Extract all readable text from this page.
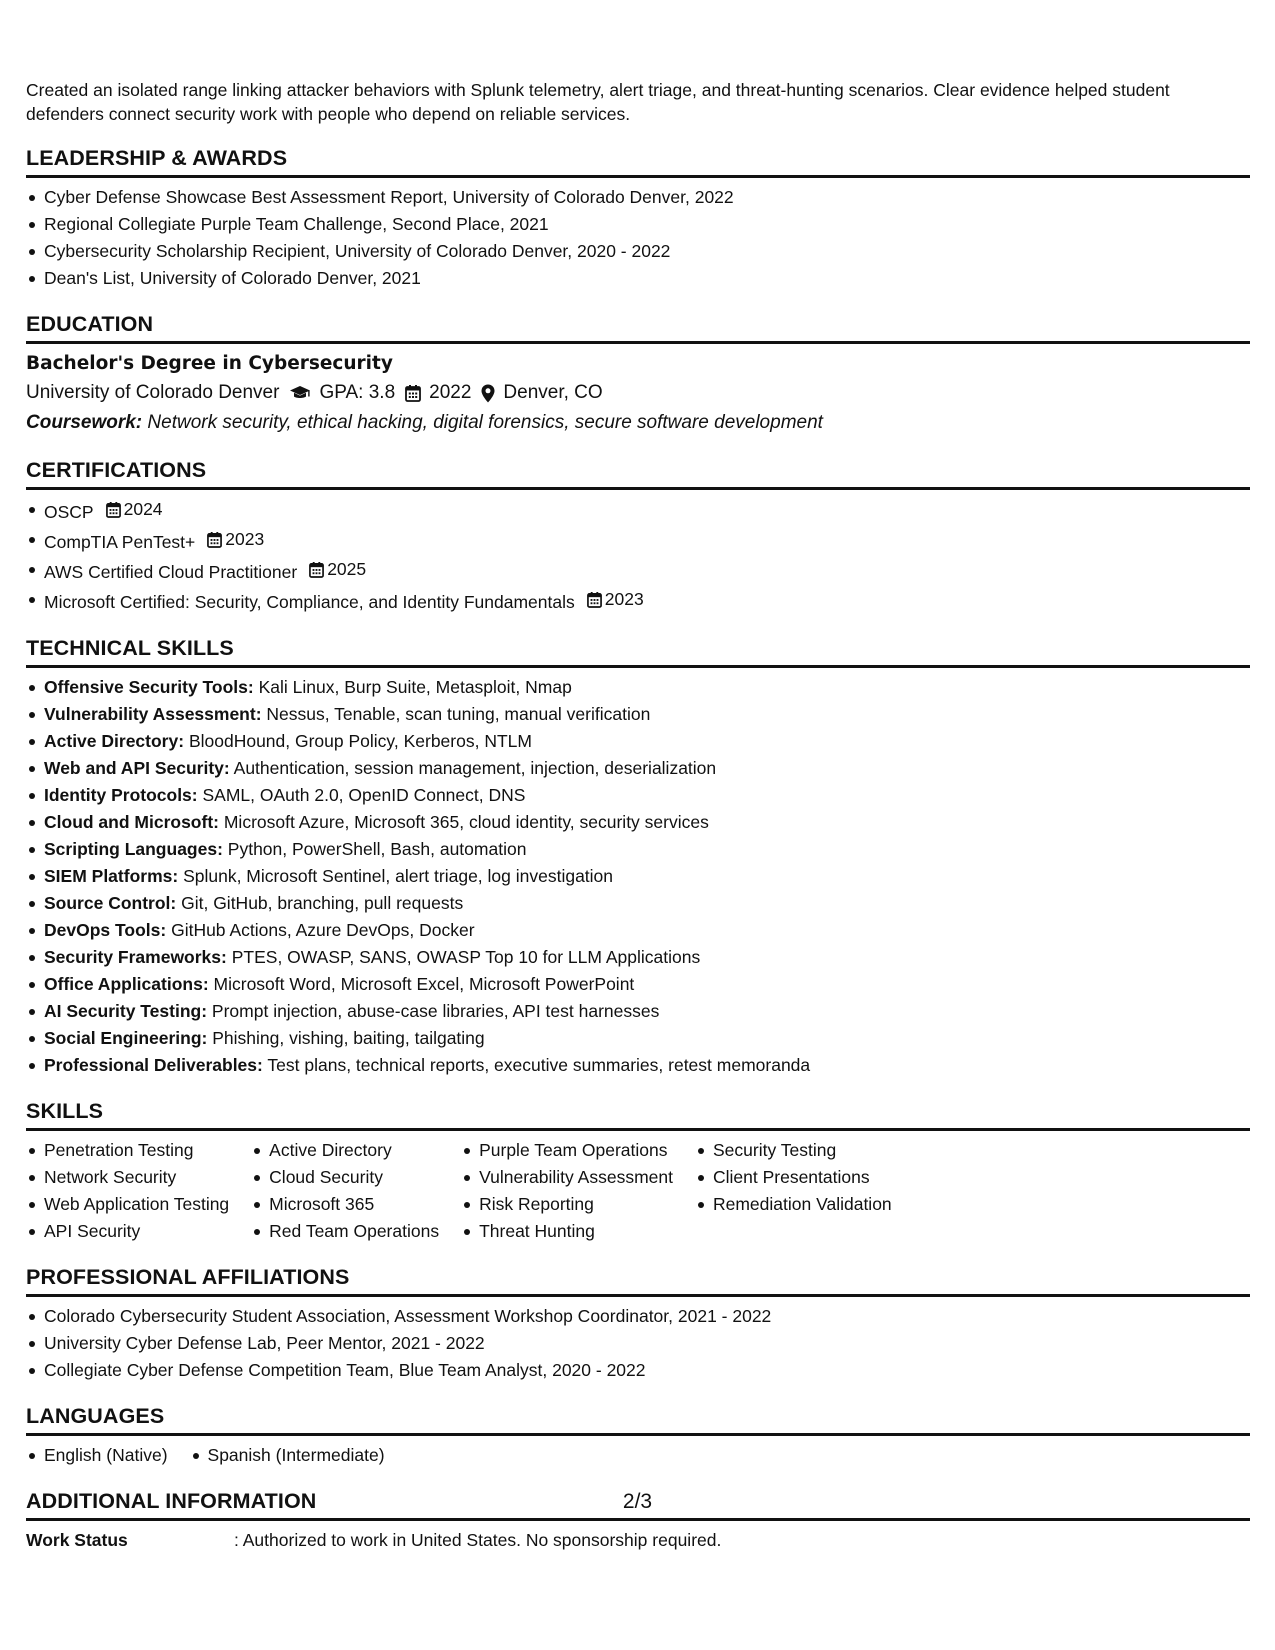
Created an isolated range linking attacker behaviors with Splunk telemetry, alert triage, and threat-hunting scenarios. Clear evidence helped student defenders connect security work with people who depend on reliable services.

LEADERSHIP & AWARDS
Cyber Defense Showcase Best Assessment Report, University of Colorado Denver, 2022
Regional Collegiate Purple Team Challenge, Second Place, 2021
Cybersecurity Scholarship Recipient, University of Colorado Denver, 2020 - 2022
Dean's List, University of Colorado Denver, 2021
EDUCATION
Bachelor's Degree in Cybersecurity
University of Colorado Denver GPA: 3.8 2022 Denver, CO
Coursework: Network security, ethical hacking, digital forensics, secure software development
CERTIFICATIONS
OSCP 2024
CompTIA PenTest+ 2023
AWS Certified Cloud Practitioner 2025
Microsoft Certified: Security, Compliance, and Identity Fundamentals 2023
TECHNICAL SKILLS
Offensive Security Tools: Kali Linux, Burp Suite, Metasploit, Nmap
Vulnerability Assessment: Nessus, Tenable, scan tuning, manual verification
Active Directory: BloodHound, Group Policy, Kerberos, NTLM
Web and API Security: Authentication, session management, injection, deserialization
Identity Protocols: SAML, OAuth 2.0, OpenID Connect, DNS
Cloud and Microsoft: Microsoft Azure, Microsoft 365, cloud identity, security services
Scripting Languages: Python, PowerShell, Bash, automation
SIEM Platforms: Splunk, Microsoft Sentinel, alert triage, log investigation
Source Control: Git, GitHub, branching, pull requests
DevOps Tools: GitHub Actions, Azure DevOps, Docker
Security Frameworks: PTES, OWASP, SANS, OWASP Top 10 for LLM Applications
Office Applications: Microsoft Word, Microsoft Excel, Microsoft PowerPoint
AI Security Testing: Prompt injection, abuse-case libraries, API test harnesses
Social Engineering: Phishing, vishing, baiting, tailgating
Professional Deliverables: Test plans, technical reports, executive summaries, retest memoranda
SKILLS
Penetration Testing
Network Security
Web Application Testing
API Security
Active Directory
Cloud Security
Microsoft 365
Red Team Operations
Purple Team Operations
Vulnerability Assessment
Risk Reporting
Threat Hunting
Security Testing
Client Presentations
Remediation Validation
PROFESSIONAL AFFILIATIONS
Colorado Cybersecurity Student Association, Assessment Workshop Coordinator, 2021 - 2022
University Cyber Defense Lab, Peer Mentor, 2021 - 2022
Collegiate Cyber Defense Competition Team, Blue Team Analyst, 2020 - 2022
LANGUAGES
English (Native)	Spanish (Intermediate)
ADDITIONAL INFORMATION
Work Status	: Authorized to work in United States. No sponsorship required.
2/3
